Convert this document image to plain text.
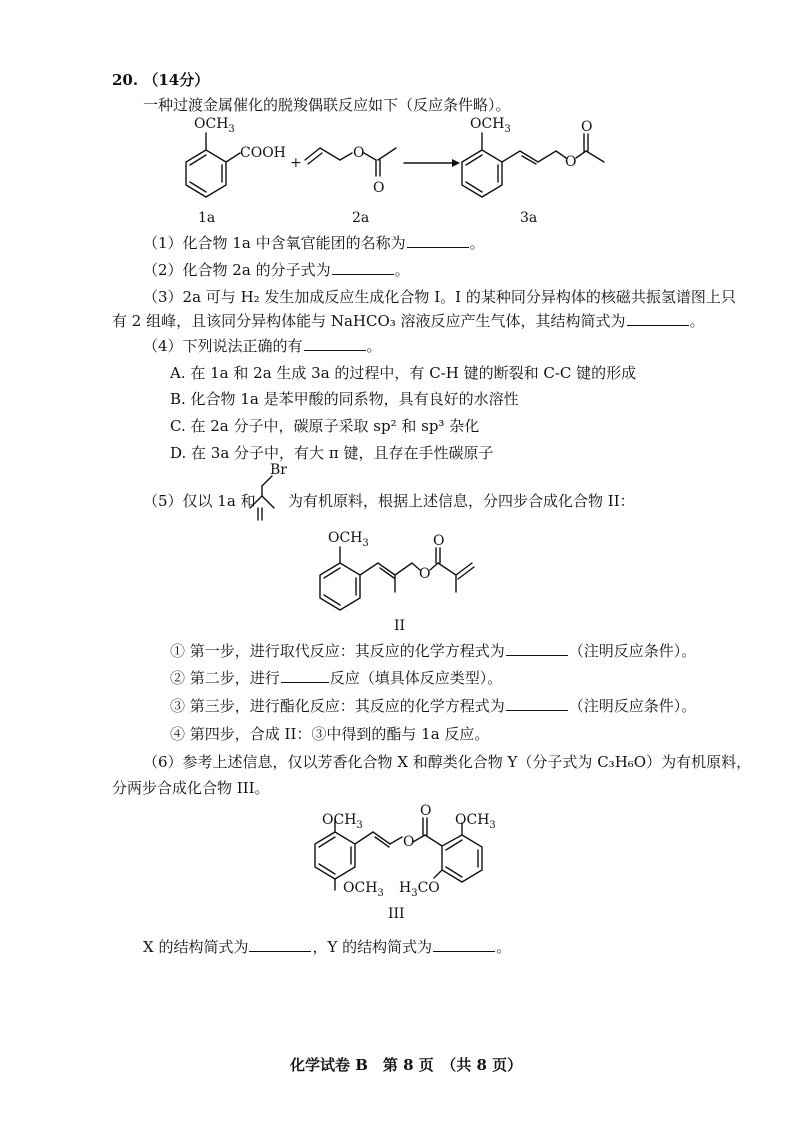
20. （14分）
一种过渡金属催化的脱羧偶联反应如下（反应条件略）。
$OCH_3$
COOH
+
O
O
$OCH_3$
O
O
1a	2a	3a
Br
$OCH_3$
O
O
II
$OCH_3$
$OCH_3$
O
O
$OCH_3$
$H_3CO$
III
（1）化合物 1a 中含氧官能团的名称为	。
（2）化合物 2a 的分子式为	。
（3）2a 可与 H₂ 发生加成反应生成化合物 I。I 的某种同分异构体的核磁共振氢谱图上只
有 2 组峰，且该同分异构体能与 NaHCO₃ 溶液反应产生气体，其结构简式为	。
（4）下列说法正确的有	。
A. 在 1a 和 2a 生成 3a 的过程中，有 C-H 键的断裂和 C-C 键的形成
B. 化合物 1a 是苯甲酸的同系物，具有良好的水溶性
C. 在 2a 分子中，碳原子采取 sp² 和 sp³ 杂化
D. 在 3a 分子中，有大 π 键，且存在手性碳原子
（5）仅以 1a 和 为有机原料，根据上述信息，分四步合成化合物 II：
① 第一步，进行取代反应：其反应的化学方程式为	（注明反应条件）。
② 第二步，进行	反应（填具体反应类型）。
③ 第三步，进行酯化反应：其反应的化学方程式为	（注明反应条件）。
④ 第四步，合成 II：③中得到的酯与 1a 反应。
（6）参考上述信息，仅以芳香化合物 X 和醇类化合物 Y（分子式为 C₃H₆O）为有机原料，
分两步合成化合物 III。
X 的结构简式为	，Y 的结构简式为	。
化学试卷 B　第 8 页　（共 8 页）
